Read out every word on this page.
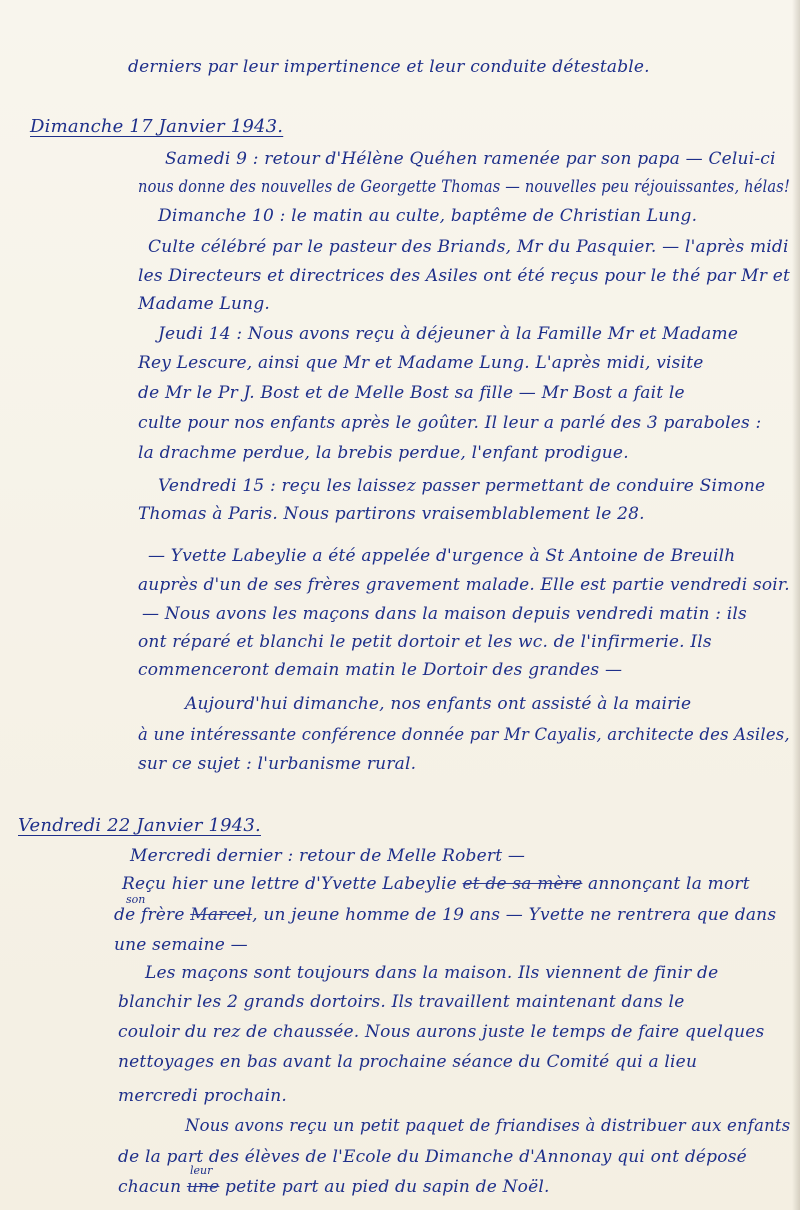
derniers par leur impertinence et leur conduite détestable.
Dimanche 17 Janvier 1943.
Samedi 9 : retour d'Hélène Quéhen ramenée par son papa — Celui-ci
nous donne des nouvelles de Georgette Thomas — nouvelles peu réjouissantes, hélas!
Dimanche 10 : le matin au culte, baptême de Christian Lung.
Culte célébré par le pasteur des Briands, Mr du Pasquier. — l'après midi
les Directeurs et directrices des Asiles ont été reçus pour le thé par Mr et
Madame Lung.
Jeudi 14 : Nous avons reçu à déjeuner à la Famille Mr et Madame
Rey Lescure, ainsi que Mr et Madame Lung. L'après midi, visite
de Mr le Pr J. Bost et de Melle Bost sa fille — Mr Bost a fait le
culte pour nos enfants après le goûter. Il leur a parlé des 3 paraboles :
la drachme perdue, la brebis perdue, l'enfant prodigue.
Vendredi 15 : reçu les laissez passer permettant de conduire Simone
Thomas à Paris. Nous partirons vraisemblablement le 28.
— Yvette Labeylie a été appelée d'urgence à St Antoine de Breuilh
auprès d'un de ses frères gravement malade. Elle est partie vendredi soir.
— Nous avons les maçons dans la maison depuis vendredi matin : ils
ont réparé et blanchi le petit dortoir et les wc. de l'infirmerie. Ils
commenceront demain matin le Dortoir des grandes —
Aujourd'hui dimanche, nos enfants ont assisté à la mairie
à une intéressante conférence donnée par Mr Cayalis, architecte des Asiles,
sur ce sujet : l'urbanisme rural.
Vendredi 22 Janvier 1943.
Mercredi dernier : retour de Melle Robert —
Reçu hier une lettre d'Yvette Labeylie et de sa mère annonçant la mort
son
de frère Marcel, un jeune homme de 19 ans — Yvette ne rentrera que dans
une semaine —
Les maçons sont toujours dans la maison. Ils viennent de finir de
blanchir les 2 grands dortoirs. Ils travaillent maintenant dans le
couloir du rez de chaussée. Nous aurons juste le temps de faire quelques
nettoyages en bas avant la prochaine séance du Comité qui a lieu
mercredi prochain.
Nous avons reçu un petit paquet de friandises à distribuer aux enfants
de la part des élèves de l'Ecole du Dimanche d'Annonay qui ont déposé
leur
chacun une petite part au pied du sapin de Noël.
